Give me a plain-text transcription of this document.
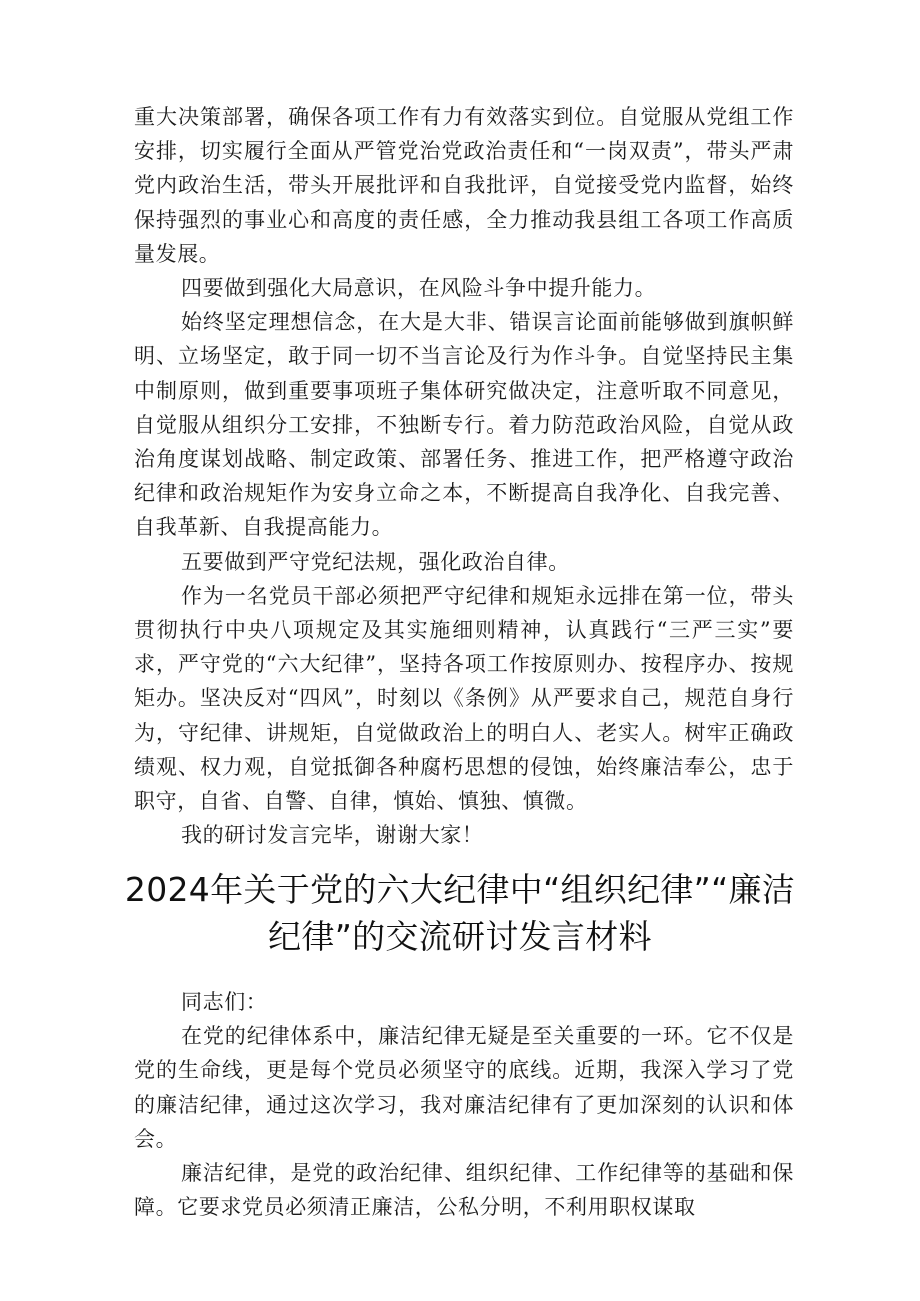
重大决策部署，确保各项工作有力有效落实到位。自觉服从党组工作安排，切实履行全面从严管党治党政治责任和“一岗双责”，带头严肃党内政治生活，带头开展批评和自我批评，自觉接受党内监督，始终保持强烈的事业心和高度的责任感，全力推动我县组工各项工作高质量发展。

四要做到强化大局意识，在风险斗争中提升能力。

始终坚定理想信念，在大是大非、错误言论面前能够做到旗帜鲜明、立场坚定，敢于同一切不当言论及行为作斗争。自觉坚持民主集中制原则，做到重要事项班子集体研究做决定，注意听取不同意见，自觉服从组织分工安排，不独断专行。着力防范政治风险，自觉从政治角度谋划战略、制定政策、部署任务、推进工作，把严格遵守政治纪律和政治规矩作为安身立命之本，不断提高自我净化、自我完善、自我革新、自我提高能力。

五要做到严守党纪法规，强化政治自律。

作为一名党员干部必须把严守纪律和规矩永远排在第一位，带头贯彻执行中央八项规定及其实施细则精神，认真践行“三严三实”要求，严守党的“六大纪律”，坚持各项工作按原则办、按程序办、按规矩办。坚决反对“四风”，时刻以《条例》从严要求自己，规范自身行为，守纪律、讲规矩，自觉做政治上的明白人、老实人。树牢正确政绩观、权力观，自觉抵御各种腐朽思想的侵蚀，始终廉洁奉公，忠于职守，自省、自警、自律，慎始、慎独、慎微。

我的研讨发言完毕，谢谢大家！

2024年关于党的六大纪律中“组织纪律”“廉洁纪律”的交流研讨发言材料

同志们：

在党的纪律体系中，廉洁纪律无疑是至关重要的一环。它不仅是党的生命线，更是每个党员必须坚守的底线。近期，我深入学习了党的廉洁纪律，通过这次学习，我对廉洁纪律有了更加深刻的认识和体会。

廉洁纪律，是党的政治纪律、组织纪律、工作纪律等的基础和保障。它要求党员必须清正廉洁，公私分明，不利用职权谋取
